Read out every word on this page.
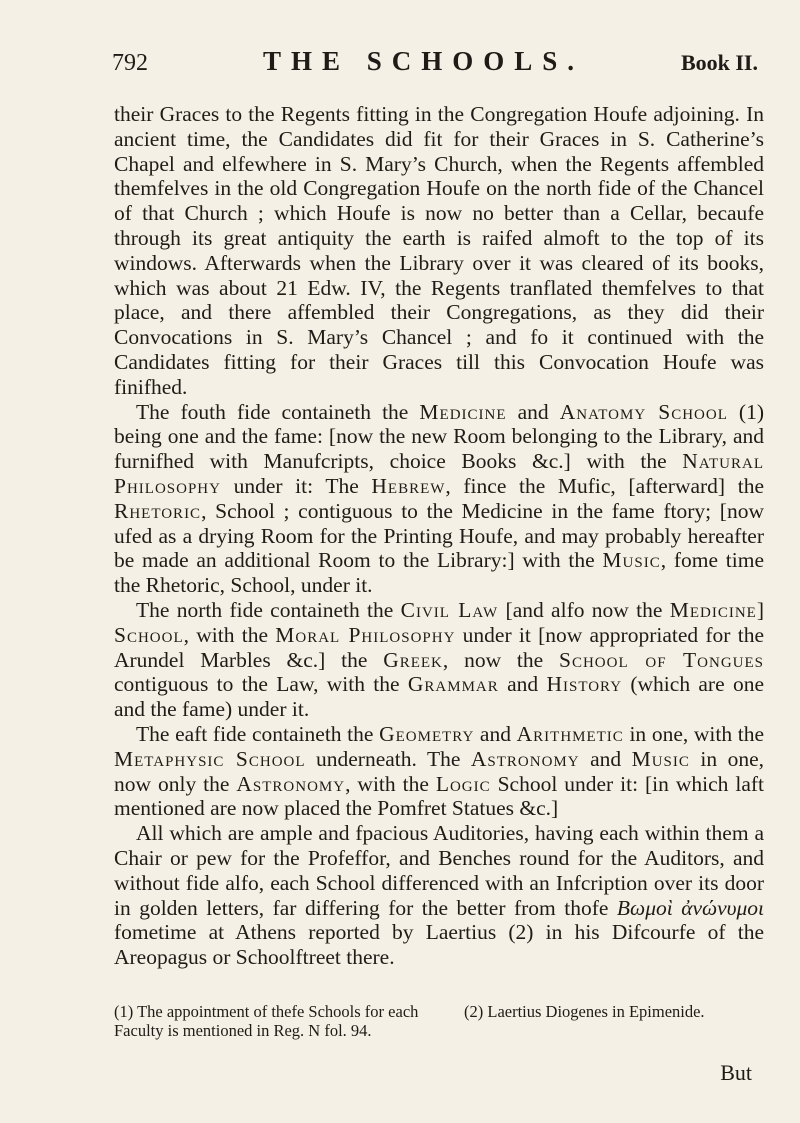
792	THE SCHOOLS.	Book II.

their Graces to the Regents fitting in the Congregation Houfe adjoining. In ancient time, the Candidates did fit for their Graces in S. Catherine’s Chapel and elfewhere in S. Mary’s Church, when the Regents affembled themfelves in the old Congregation Houfe on the north fide of the Chancel of that Church ; which Houfe is now no better than a Cellar, becaufe through its great antiquity the earth is raifed almoft to the top of its windows. Afterwards when the Library over it was cleared of its books, which was about 21 Edw. IV, the Regents tranflated themfelves to that place, and there affembled their Congregations, as they did their Convocations in S. Mary’s Chancel ; and fo it continued with the Candidates fitting for their Graces till this Convocation Houfe was finifhed.

The fouth fide containeth the Medicine and Anatomy School (1) being one and the fame: [now the new Room belonging to the Library, and furnifhed with Manufcripts, choice Books &c.] with the Natural Philosophy under it: The Hebrew, fince the Mufic, [afterward] the Rhetoric, School ; contiguous to the Medicine in the fame ftory; [now ufed as a drying Room for the Printing Houfe, and may probably hereafter be made an additional Room to the Library:] with the Music, fome time the Rhetoric, School, under it.

The north fide containeth the Civil Law [and alfo now the Medicine] School, with the Moral Philosophy under it [now appropriated for the Arundel Marbles &c.] the Greek, now the School of Tongues contiguous to the Law, with the Grammar and History (which are one and the fame) under it.

The eaft fide containeth the Geometry and Arithmetic in one, with the Metaphysic School underneath. The Astronomy and Music in one, now only the Astronomy, with the Logic School under it: [in which laft mentioned are now placed the Pomfret Statues &c.]

All which are ample and fpacious Auditories, having each within them a Chair or pew for the Profeffor, and Benches round for the Auditors, and without fide alfo, each School differenced with an Infcription over its door in golden letters, far differing for the better from thofe Βωμοὶ ἀνώνυμοι fometime at Athens reported by Laertius (2) in his Difcourfe of the Areopagus or Schoolftreet there.

(1) The appointment of thefe Schools for each Faculty is mentioned in Reg. N fol. 94.
(2) Laertius Diogenes in Epimenide.
But
